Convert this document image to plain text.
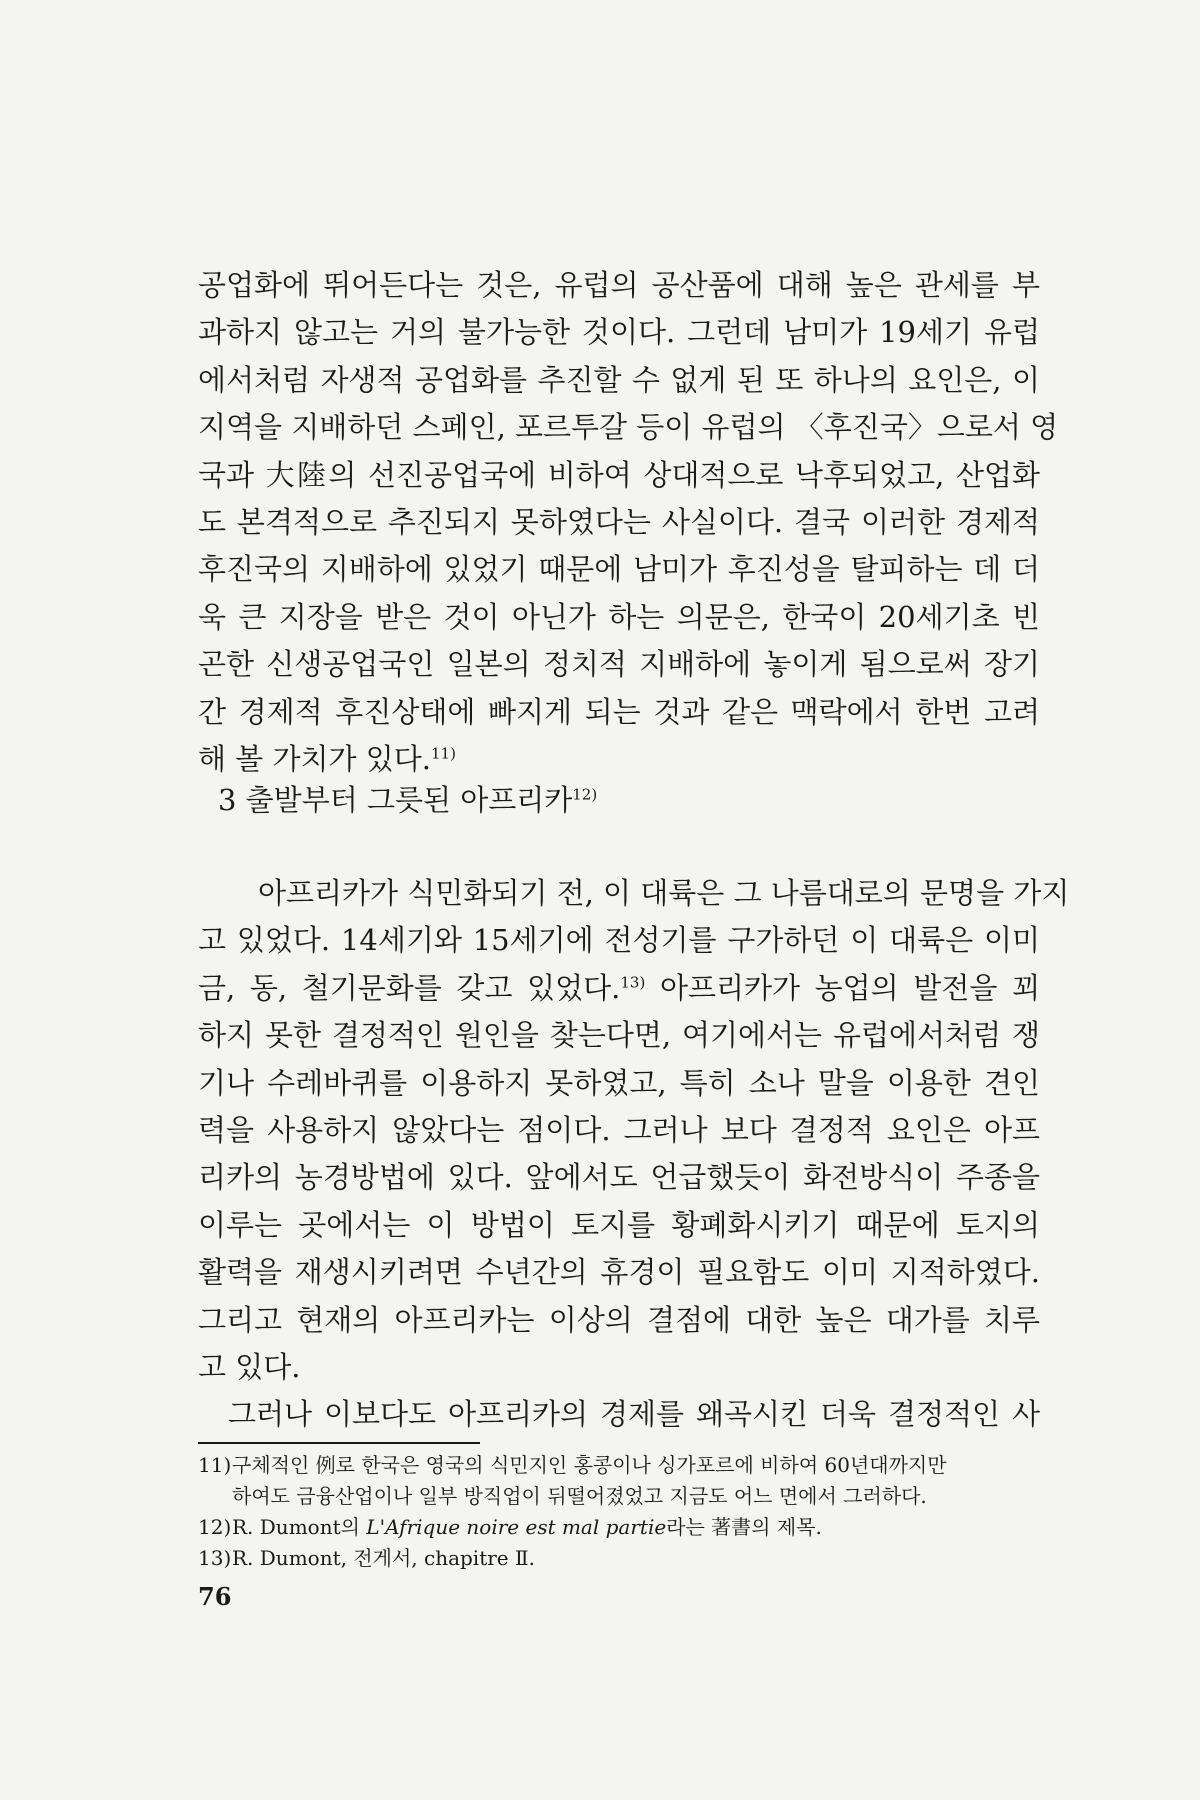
공업화에 뛰어든다는 것은, 유럽의 공산품에 대해 높은 관세를 부
과하지 않고는 거의 불가능한 것이다. 그런데 남미가 19세기 유럽
에서처럼 자생적 공업화를 추진할 수 없게 된 또 하나의 요인은, 이
지역을 지배하던 스페인, 포르투갈 등이 유럽의 〈후진국〉으로서 영
국과 大陸의 선진공업국에 비하여 상대적으로 낙후되었고, 산업화
도 본격적으로 추진되지 못하였다는 사실이다. 결국 이러한 경제적
후진국의 지배하에 있었기 때문에 남미가 후진성을 탈피하는 데 더
욱 큰 지장을 받은 것이 아닌가 하는 의문은, 한국이 20세기초 빈
곤한 신생공업국인 일본의 정치적 지배하에 놓이게 됨으로써 장기
간 경제적 후진상태에 빠지게 되는 것과 같은 맥락에서 한번 고려

해 볼 가치가 있다.$^{11)}$

3 출발부터 그릇된 아프리카$^{12)}$

아프리카가 식민화되기 전, 이 대륙은 그 나름대로의 문명을 가지
고 있었다. 14세기와 15세기에 전성기를 구가하던 이 대륙은 이미
금, 동, 철기문화를 갖고 있었다.$^{13)}$ 아프리카가 농업의 발전을 꾀
하지 못한 결정적인 원인을 찾는다면, 여기에서는 유럽에서처럼 쟁
기나 수레바퀴를 이용하지 못하였고, 특히 소나 말을 이용한 견인
력을 사용하지 않았다는 점이다. 그러나 보다 결정적 요인은 아프
리카의 농경방법에 있다. 앞에서도 언급했듯이 화전방식이 주종을
이루는 곳에서는 이 방법이 토지를 황폐화시키기 때문에 토지의
활력을 재생시키려면 수년간의 휴경이 필요함도 이미 지적하였다.
그리고 현재의 아프리카는 이상의 결점에 대한 높은 대가를 치루

고 있다.

그러나 이보다도 아프리카의 경제를 왜곡시킨 더욱 결정적인 사

11) 구체적인 例로 한국은 영국의 식민지인 홍콩이나 싱가포르에 비하여 60년대까지만
하여도 금융산업이나 일부 방직업이 뒤떨어졌었고 지금도 어느 면에서 그러하다.
12) R. Dumont의 L'Afrique noire est mal partie라는 著書의 제목.
13) R. Dumont, 전게서, chapitre Ⅱ.
76
